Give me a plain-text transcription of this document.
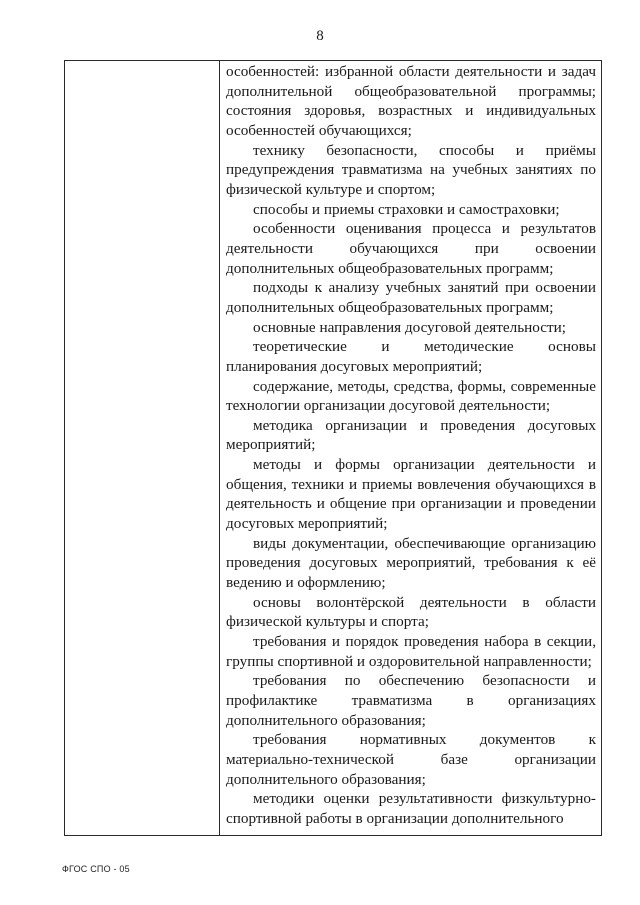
8

особенностей: избранной области деятельности и задач дополнительной общеобразовательной программы; состояния здоровья, возрастных и индивидуальных особенностей обучающихся;

технику безопасности, способы и приёмы предупреждения травматизма на учебных занятиях по физической культуре и спортом;

способы и приемы страховки и самостраховки;

особенности оценивания процесса и результатов деятельности обучающихся при освоении дополнительных общеобразовательных программ;

подходы к анализу учебных занятий при освоении дополнительных общеобразовательных программ;

основные направления досуговой деятельности;

теоретические и методические основы планирования досуговых мероприятий;

содержание, методы, средства, формы, современные технологии организации досуговой деятельности;

методика организации и проведения досуговых мероприятий;

методы и формы организации деятельности и общения, техники и приемы вовлечения обучающихся в деятельность и общение при организации и проведении досуговых мероприятий;

виды документации, обеспечивающие организацию проведения досуговых мероприятий, требования к её ведению и оформлению;

основы волонтёрской деятельности в области физической культуры и спорта;

требования и порядок проведения набора в секции, группы спортивной и оздоровительной направленности;

требования по обеспечению безопасности и профилактике травматизма в организациях дополнительного образования;

требования нормативных документов к материально-технической базе организации дополнительного образования;

методики оценки результативности физкультурно-спортивной работы в организации дополнительного

ФГОС СПО - 05
